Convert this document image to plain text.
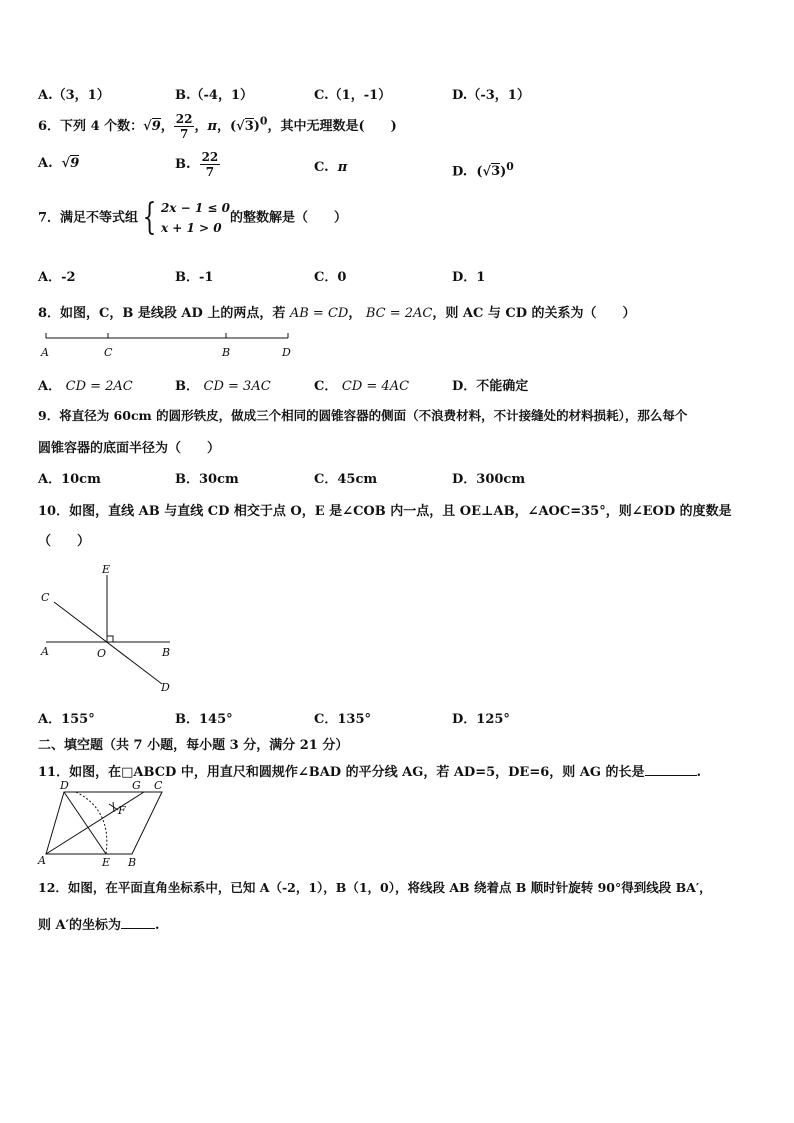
A.（3，1）	B.（-4，1）	C.（1，-1）	D.（-3，1）
6．下列 4 个数：√9， $\frac{22}{7}$ ，π，$(√3)^0$，其中无理数是(　　)
A.  √9	B. $\frac{22}{7}$	C. π	D.  $(√3)^0$
7．满足不等式组 { 2x − 1 ≤ 0
x + 1 > 0
的整数解是（　　）
A．-2	B．-1	C．0	D．1
8．如图，C，B 是线段 AD 上的两点，若 AB = CD， BC = 2AC，则 AC 与 CD 的关系为（　　）
A	C	B	D
A． CD = 2AC	B． CD = 3AC	C． CD = 4AC	D．不能确定
9．将直径为 60cm 的圆形铁皮，做成三个相同的圆锥容器的侧面（不浪费材料，不计接缝处的材料损耗），那么每个
圆锥容器的底面半径为（　　）
A．10cm	B．30cm	C．45cm	D．300cm
10．如图，直线 AB 与直线 CD 相交于点 O，E 是∠COB 内一点，且 OE⊥AB，∠AOC=35°，则∠EOD 的度数是
（　　）
E
C
A	O	B
D
A．155°	B．145°	C．135°	D．125°
二、填空题（共 7 小题，每小题 3 分，满分 21 分）
11．如图，在□ABCD 中，用直尺和圆规作∠BAD 的平分线 AG，若 AD=5，DE=6，则 AG 的长是	.
D	G C
F
A	E B
12．如图，在平面直角坐标系中，已知 A（-2，1），B（1，0），将线段 AB 绕着点 B 顺时针旋转 90°得到线段 BA′，
则 A′的坐标为	.
